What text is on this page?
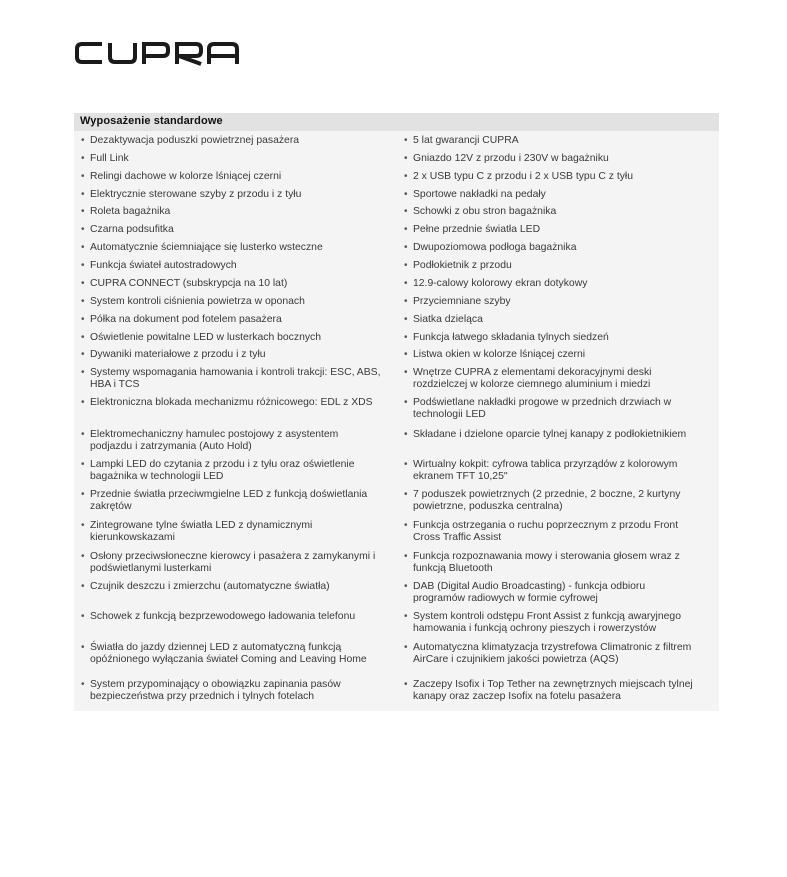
Wyposażenie standardowe
• Dezaktywacja poduszki powietrznej pasażera
• Full Link
• Relingi dachowe w kolorze lśniącej czerni
• Elektrycznie sterowane szyby z przodu i z tyłu
• Roleta bagażnika
• Czarna podsufitka
• Automatycznie ściemniające się lusterko wsteczne
• Funkcja świateł autostradowych
• CUPRA CONNECT (subskrypcja na 10 lat)
• System kontroli ciśnienia powietrza w oponach
• Półka na dokument pod fotelem pasażera
• Oświetlenie powitalne LED w lusterkach bocznych
• Dywaniki materiałowe z przodu i z tyłu
• Systemy wspomagania hamowania i kontroli trakcji: ESC, ABS,
HBA i TCS
• Elektroniczna blokada mechanizmu różnicowego: EDL z XDS
• Elektromechaniczny hamulec postojowy z asystentem
podjazdu i zatrzymania (Auto Hold)
• Lampki LED do czytania z przodu i z tyłu oraz oświetlenie
bagażnika w technologii LED
• Przednie światła przeciwmgielne LED z funkcją doświetlania
zakrętów
• Zintegrowane tylne światła LED z dynamicznymi
kierunkowskazami
• Osłony przeciwsłoneczne kierowcy i pasażera z zamykanymi i
podświetlanymi lusterkami
• Czujnik deszczu i zmierzchu (automatyczne światła)
• Schowek z funkcją bezprzewodowego ładowania telefonu
• Światła do jazdy dziennej LED z automatyczną funkcją
opóźnionego wyłączania świateł Coming and Leaving Home
• System przypominający o obowiązku zapinania pasów
bezpieczeństwa przy przednich i tylnych fotelach
• 5 lat gwarancji CUPRA
• Gniazdo 12V z przodu i 230V w bagażniku
• 2 x USB typu C z przodu i 2 x USB typu C z tyłu
• Sportowe nakładki na pedały
• Schowki z obu stron bagażnika
• Pełne przednie światła LED
• Dwupoziomowa podłoga bagażnika
• Podłokietnik z przodu
• 12.9-calowy kolorowy ekran dotykowy
• Przyciemniane szyby
• Siatka dzieląca
• Funkcja łatwego składania tylnych siedzeń
• Listwa okien w kolorze lśniącej czerni
• Wnętrze CUPRA z elementami dekoracyjnymi deski
rozdzielczej w kolorze ciemnego aluminium i miedzi
• Podświetlane nakładki progowe w przednich drzwiach w
technologii LED
• Składane i dzielone oparcie tylnej kanapy z podłokietnikiem
• Wirtualny kokpit: cyfrowa tablica przyrządów z kolorowym
ekranem TFT 10,25"
• 7 poduszek powietrznych (2 przednie, 2 boczne, 2 kurtyny
powietrzne, poduszka centralna)
• Funkcja ostrzegania o ruchu poprzecznym z przodu Front
Cross Traffic Assist
• Funkcja rozpoznawania mowy i sterowania głosem wraz z
funkcją Bluetooth
• DAB (Digital Audio Broadcasting) - funkcja odbioru
programów radiowych w formie cyfrowej
• System kontroli odstępu Front Assist z funkcją awaryjnego
hamowania i funkcją ochrony pieszych i rowerzystów
• Automatyczna klimatyzacja trzystrefowa Climatronic z filtrem
AirCare i czujnikiem jakości powietrza (AQS)
• Zaczepy Isofix i Top Tether na zewnętrznych miejscach tylnej
kanapy oraz zaczep Isofix na fotelu pasażera
